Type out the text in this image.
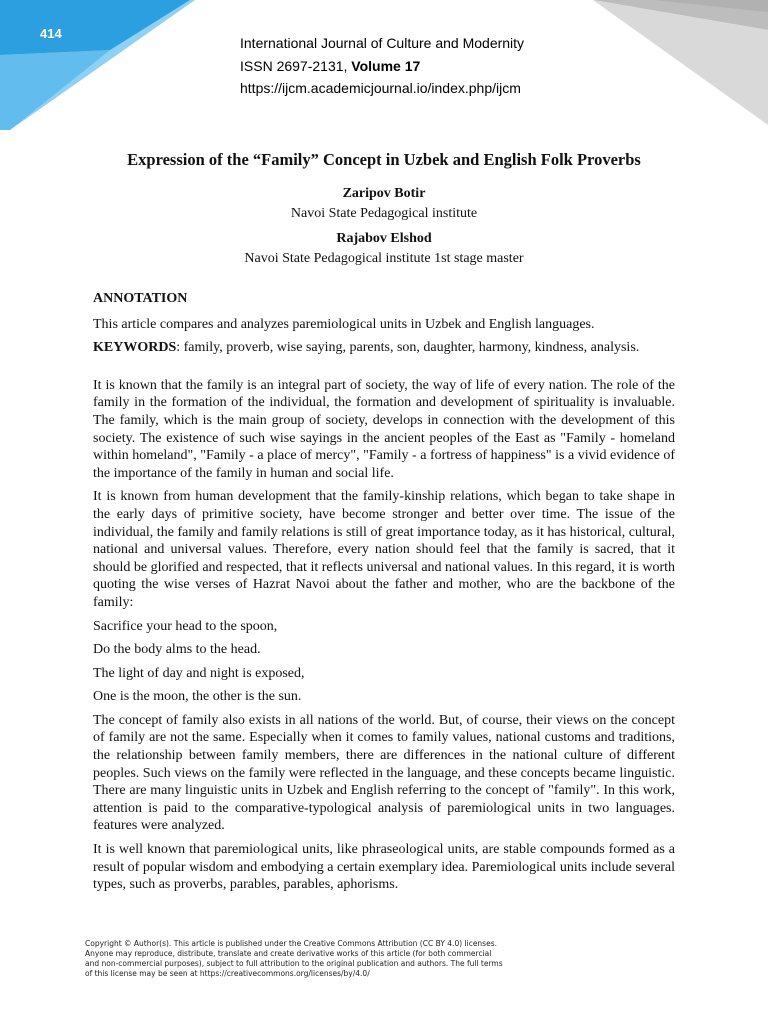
414
International Journal of Culture and Modernity
ISSN 2697-2131, Volume 17
https://ijcm.academicjournal.io/index.php/ijcm
Expression of the “Family” Concept in Uzbek and English Folk Proverbs
Zaripov Botir
Navoi State Pedagogical institute
Rajabov Elshod
Navoi State Pedagogical institute 1st stage master

ANNOTATION

This article compares and analyzes paremiological units in Uzbek and English languages.

KEYWORDS: family, proverb, wise saying, parents, son, daughter, harmony, kindness, analysis.

It is known that the family is an integral part of society, the way of life of every nation. The role of the family in the formation of the individual, the formation and development of spirituality is invaluable. The family, which is the main group of society, develops in connection with the development of this society. The existence of such wise sayings in the ancient peoples of the East as "Family - homeland within homeland", "Family - a place of mercy", "Family - a fortress of happiness" is a vivid evidence of the importance of the family in human and social life.

It is known from human development that the family-kinship relations, which began to take shape in the early days of primitive society, have become stronger and better over time. The issue of the individual, the family and family relations is still of great importance today, as it has historical, cultural, national and universal values. Therefore, every nation should feel that the family is sacred, that it should be glorified and respected, that it reflects universal and national values. In this regard, it is worth quoting the wise verses of Hazrat Navoi about the father and mother, who are the backbone of the family:

Sacrifice your head to the spoon,

Do the body alms to the head.

The light of day and night is exposed,

One is the moon, the other is the sun.

The concept of family also exists in all nations of the world. But, of course, their views on the concept of family are not the same. Especially when it comes to family values, national customs and traditions, the relationship between family members, there are differences in the national culture of different peoples. Such views on the family were reflected in the language, and these concepts became linguistic. There are many linguistic units in Uzbek and English referring to the concept of "family". In this work, attention is paid to the comparative-typological analysis of paremiological units in two languages. features were analyzed.

It is well known that paremiological units, like phraseological units, are stable compounds formed as a result of popular wisdom and embodying a certain exemplary idea. Paremiological units include several types, such as proverbs, parables, parables, aphorisms.

Copyright © Author(s). This article is published under the Creative Commons Attribution (CC BY 4.0) licenses.
Anyone may reproduce, distribute, translate and create derivative works of this article (for both commercial
and non-commercial purposes), subject to full attribution to the original publication and authors. The full terms
of this license may be seen at https://creativecommons.org/licenses/by/4.0/
